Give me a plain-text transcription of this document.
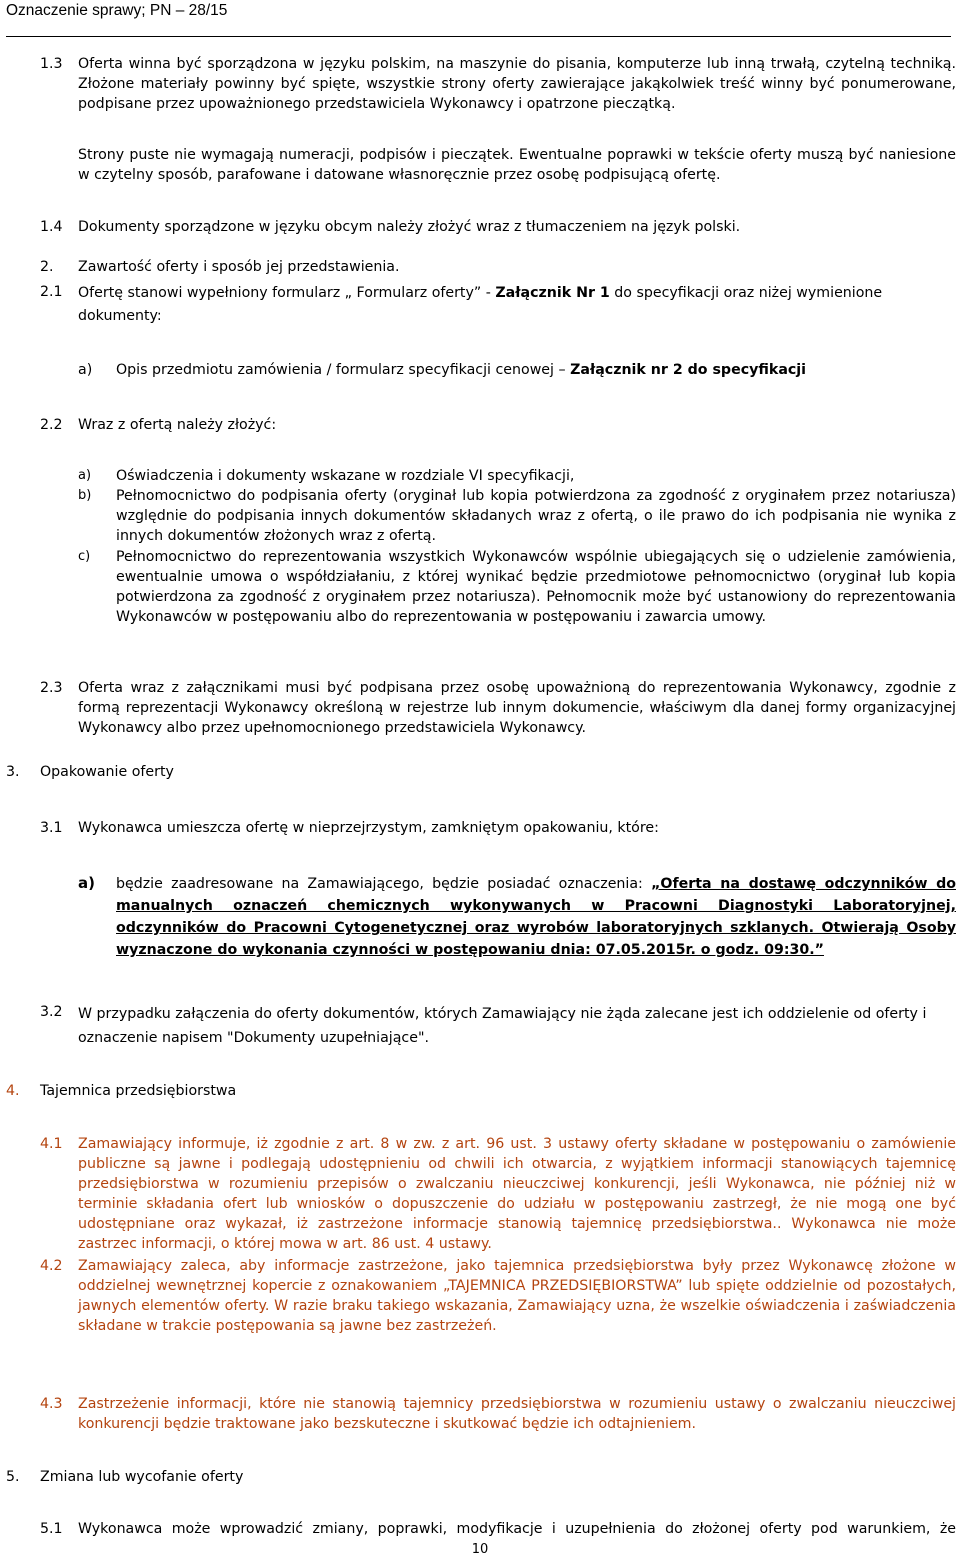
Oznaczenie sprawy; PN – 28/15
1.3 Oferta winna być sporządzona w języku polskim, na maszynie do pisania, komputerze lub inną trwałą, czytelną techniką. Złożone materiały powinny być spięte, wszystkie strony oferty zawierające jakąkolwiek treść winny być ponumerowane, podpisane przez upoważnionego przedstawiciela Wykonawcy i opatrzone pieczątką.
Strony puste nie wymagają numeracji, podpisów i pieczątek. Ewentualne poprawki w tekście oferty muszą być naniesione w czytelny sposób, parafowane i datowane własnoręcznie przez osobę podpisującą ofertę.
1.4 Dokumenty sporządzone w języku obcym należy złożyć wraz z tłumaczeniem na język polski.
2. Zawartość oferty i sposób jej przedstawienia.
2.1 Ofertę stanowi wypełniony formularz „ Formularz oferty” - Załącznik Nr 1 do specyfikacji oraz niżej wymienione dokumenty:
a) Opis przedmiotu zamówienia / formularz specyfikacji cenowej – Załącznik nr 2 do specyfikacji
2.2 Wraz z ofertą należy złożyć:
a) Oświadczenia i dokumenty wskazane w rozdziale VI specyfikacji,
b) Pełnomocnictwo do podpisania oferty (oryginał lub kopia potwierdzona za zgodność z oryginałem przez notariusza) względnie do podpisania innych dokumentów składanych wraz z ofertą, o ile prawo do ich podpisania nie wynika z innych dokumentów złożonych wraz z ofertą.
c) Pełnomocnictwo do reprezentowania wszystkich Wykonawców wspólnie ubiegających się o udzielenie zamówienia, ewentualnie umowa o współdziałaniu, z której wynikać będzie przedmiotowe pełnomocnictwo (oryginał lub kopia potwierdzona za zgodność z oryginałem przez notariusza). Pełnomocnik może być ustanowiony do reprezentowania Wykonawców w postępowaniu albo do reprezentowania w postępowaniu i zawarcia umowy.
2.3 Oferta wraz z załącznikami musi być podpisana przez osobę upoważnioną do reprezentowania Wykonawcy, zgodnie z formą reprezentacji Wykonawcy określoną w rejestrze lub innym dokumencie, właściwym dla danej formy organizacyjnej Wykonawcy albo przez upełnomocnionego przedstawiciela Wykonawcy.
3. Opakowanie oferty
3.1 Wykonawca umieszcza ofertę w nieprzejrzystym, zamkniętym opakowaniu, które:
a) będzie zaadresowane na Zamawiającego, będzie posiadać oznaczenia: „Oferta na dostawę odczynników do manualnych oznaczeń chemicznych wykonywanych w Pracowni Diagnostyki Laboratoryjnej, odczynników do Pracowni Cytogenetycznej oraz wyrobów laboratoryjnych szklanych. Otwierają Osoby wyznaczone do wykonania czynności w postępowaniu dnia: 07.05.2015r. o godz. 09:30.”
3.2 W przypadku załączenia do oferty dokumentów, których Zamawiający nie żąda zalecane jest ich oddzielenie od oferty i oznaczenie napisem "Dokumenty uzupełniające".
4. Tajemnica przedsiębiorstwa
4.1 Zamawiający informuje, iż zgodnie z art. 8 w zw. z art. 96 ust. 3 ustawy oferty składane w postępowaniu o zamówienie publiczne są jawne i podlegają udostępnieniu od chwili ich otwarcia, z wyjątkiem informacji stanowiących tajemnicę przedsiębiorstwa w rozumieniu przepisów o zwalczaniu nieuczciwej konkurencji, jeśli Wykonawca, nie później niż w terminie składania ofert lub wniosków o dopuszczenie do udziału w postępowaniu zastrzegł, że nie mogą one być udostępniane oraz wykazał, iż zastrzeżone informacje stanowią tajemnicę przedsiębiorstwa.. Wykonawca nie może zastrzec informacji, o której mowa w art. 86 ust. 4 ustawy.
4.2 Zamawiający zaleca, aby informacje zastrzeżone, jako tajemnica przedsiębiorstwa były przez Wykonawcę złożone w oddzielnej wewnętrznej kopercie z oznakowaniem „TAJEMNICA PRZEDSIĘBIORSTWA” lub spięte oddzielnie od pozostałych, jawnych elementów oferty. W razie braku takiego wskazania, Zamawiający uzna, że wszelkie oświadczenia i zaświadczenia składane w trakcie postępowania są jawne bez zastrzeżeń.
4.3 Zastrzeżenie informacji, które nie stanowią tajemnicy przedsiębiorstwa w rozumieniu ustawy o zwalczaniu nieuczciwej konkurencji będzie traktowane jako bezskuteczne i skutkować będzie ich odtajnieniem.
5. Zmiana lub wycofanie oferty
5.1 Wykonawca może wprowadzić zmiany, poprawki, modyfikacje i uzupełnienia do złożonej oferty pod warunkiem, że
10
